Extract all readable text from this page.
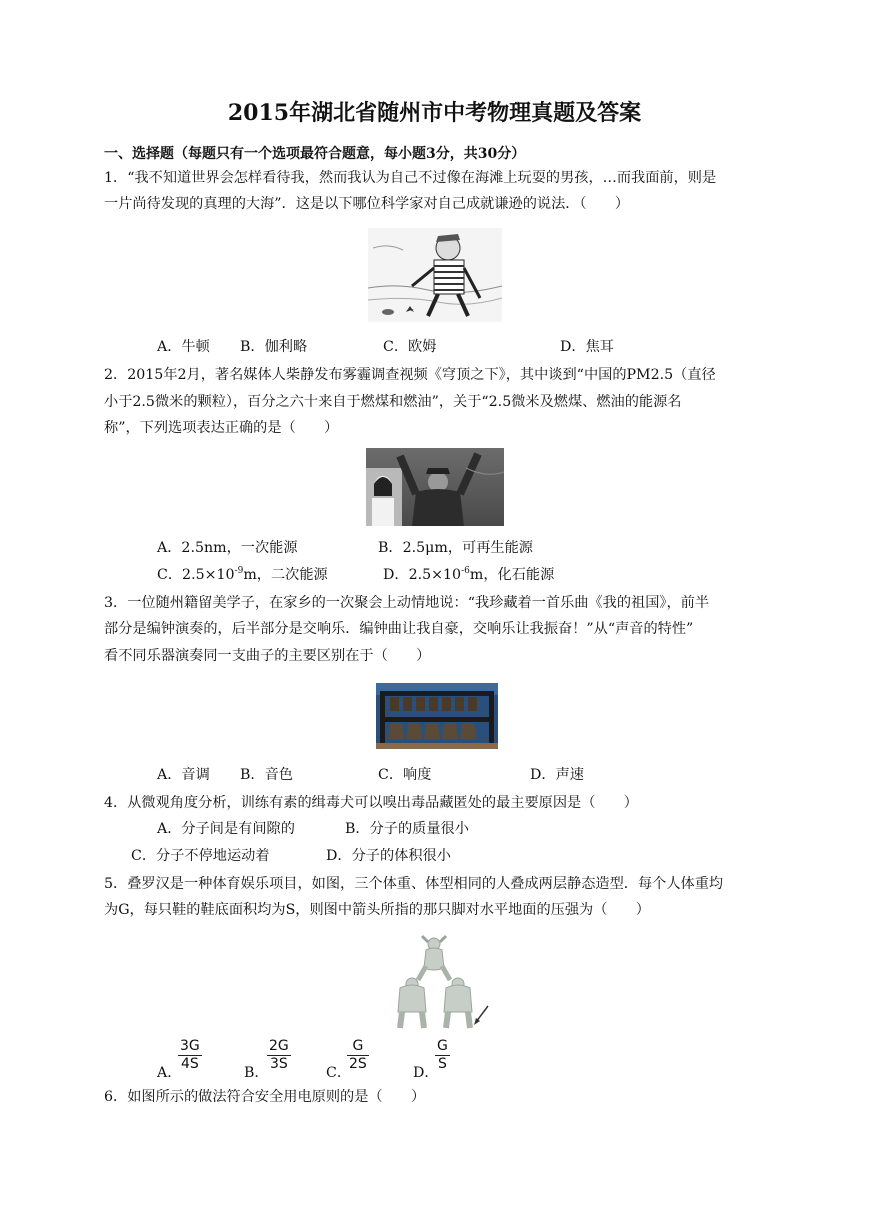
2015年湖北省随州市中考物理真题及答案
一、选择题（每题只有一个选项最符合题意，每小题3分，共30分）
1．“我不知道世界会怎样看待我，然而我认为自己不过像在海滩上玩耍的男孩，…而我面前，则是
一片尚待发现的真理的大海”．这是以下哪位科学家对自己成就谦逊的说法．（　　）
A．牛顿 B．伽利略	C．欧姆	D．焦耳
2．2015年2月，著名媒体人柴静发布雾霾调查视频《穹顶之下》，其中谈到“中国的PM2.5（直径
小于2.5微米的颗粒），百分之六十来自于燃煤和燃油”，关于“2.5微米及燃煤、燃油的能源名
称”，下列选项表达正确的是（　　）
A．2.5nm，一次能源	B．2.5μm，可再生能源
C．$2.5\times 10^{-9}m$，二次能源	D．$2.5\times 10^{-6}m$，化石能源
3．一位随州籍留美学子，在家乡的一次聚会上动情地说：“我珍藏着一首乐曲《我的祖国》，前半
部分是编钟演奏的，后半部分是交响乐．编钟曲让我自豪，交响乐让我振奋！”从“声音的特性”
看不同乐器演奏同一支曲子的主要区别在于（　　）
A．音调 B．音色	C．响度	D．声速
4．从微观角度分析，训练有素的缉毒犬可以嗅出毒品藏匿处的最主要原因是（　　）
A．分子间是有间隙的	B．分子的质量很小
C．分子不停地运动着	D．分子的体积很小
5．叠罗汉是一种体育娱乐项目，如图，三个体重、体型相同的人叠成两层静态造型．每个人体重均
为G，每只鞋的鞋底面积均为S，则图中箭头所指的那只脚对水平地面的压强为（　　）
A．
3G
4S
B．
2G
3S
C．
G
2S
D．
G
S
6．如图所示的做法符合安全用电原则的是（　　）
